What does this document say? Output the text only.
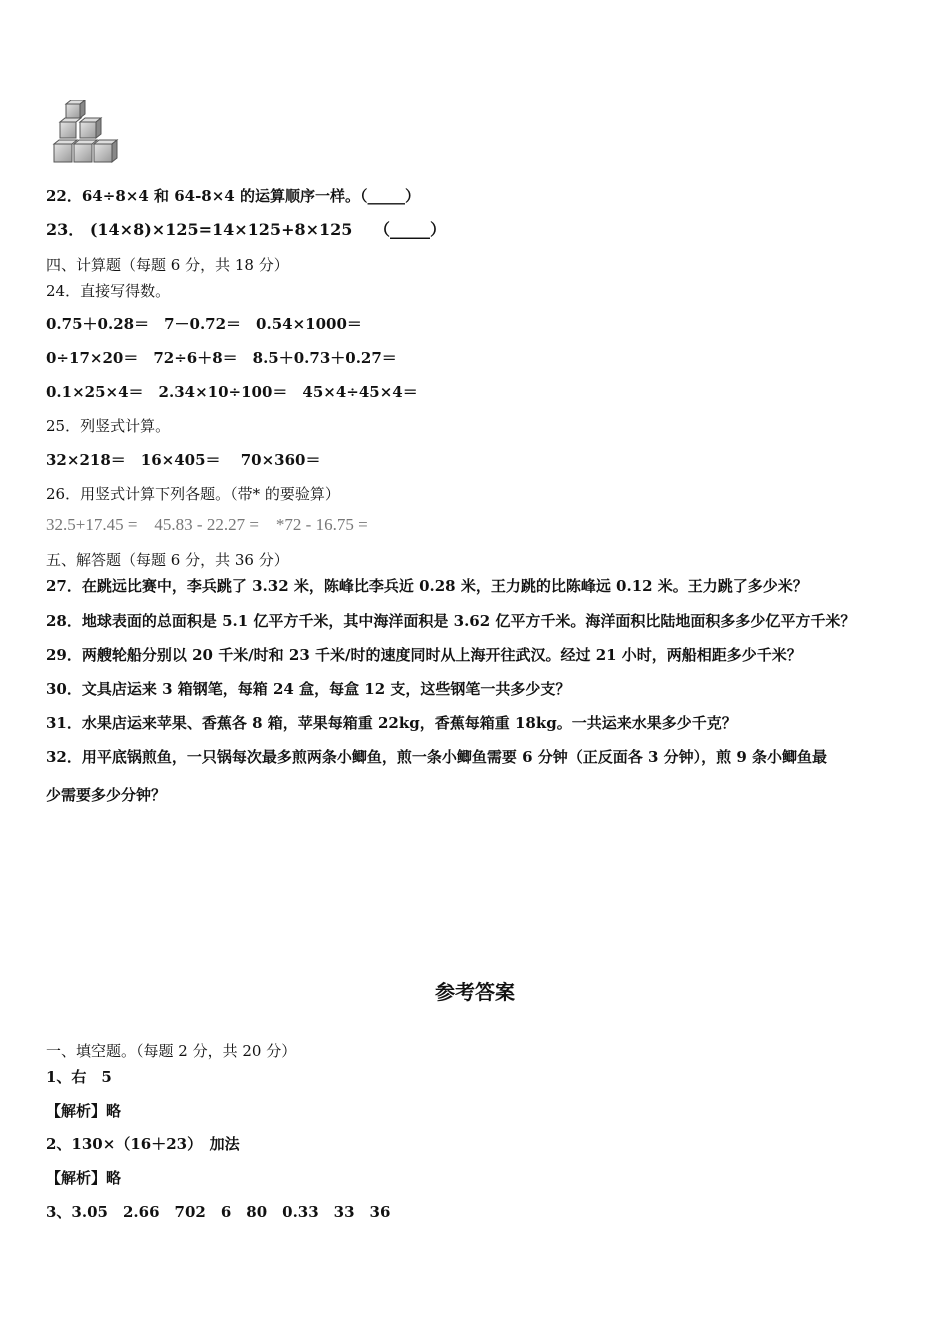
22．64÷8×4 和 64-8×4 的运算顺序一样。（_____）
23． (14×8)×125=14×125+8×125　 （_____）
四、计算题（每题 6 分，共 18 分）
24．直接写得数。
0.75＋0.28＝　7－0.72＝　0.54×1000＝
0÷17×20＝　72÷6＋8＝　8.5＋0.73＋0.27＝
0.1×25×4＝　2.34×10÷100＝　45×4÷45×4＝
25．列竖式计算。
32×218＝　16×405＝　 70×360＝
26．用竖式计算下列各题。（带* 的要验算）
32.5+17.45 =　45.83 - 22.27 =　*72 - 16.75 =
五、解答题（每题 6 分，共 36 分）
27．在跳远比赛中，李兵跳了 3.32 米，陈峰比李兵近 0.28 米，王力跳的比陈峰远 0.12 米。王力跳了多少米？
28．地球表面的总面积是 5.1 亿平方千米，其中海洋面积是 3.62 亿平方千米。海洋面积比陆地面积多多少亿平方千米？
29．两艘轮船分别以 20 千米/时和 23 千米/时的速度同时从上海开往武汉。经过 21 小时，两船相距多少千米？
30．文具店运来 3 箱钢笔，每箱 24 盒，每盒 12 支，这些钢笔一共多少支？
31．水果店运来苹果、香蕉各 8 箱，苹果每箱重 22kg，香蕉每箱重 18kg。一共运来水果多少千克？
32．用平底锅煎鱼，一只锅每次最多煎两条小鲫鱼，煎一条小鲫鱼需要 6 分钟（正反面各 3 分钟），煎 9 条小鲫鱼最
少需要多少分钟？
参考答案
一、填空题。（每题 2 分，共 20 分）
1、右　5
【解析】略
2、130×（16＋23）　加法
【解析】略
3、3.05　2.66　702　6　80　0.33　33　36
